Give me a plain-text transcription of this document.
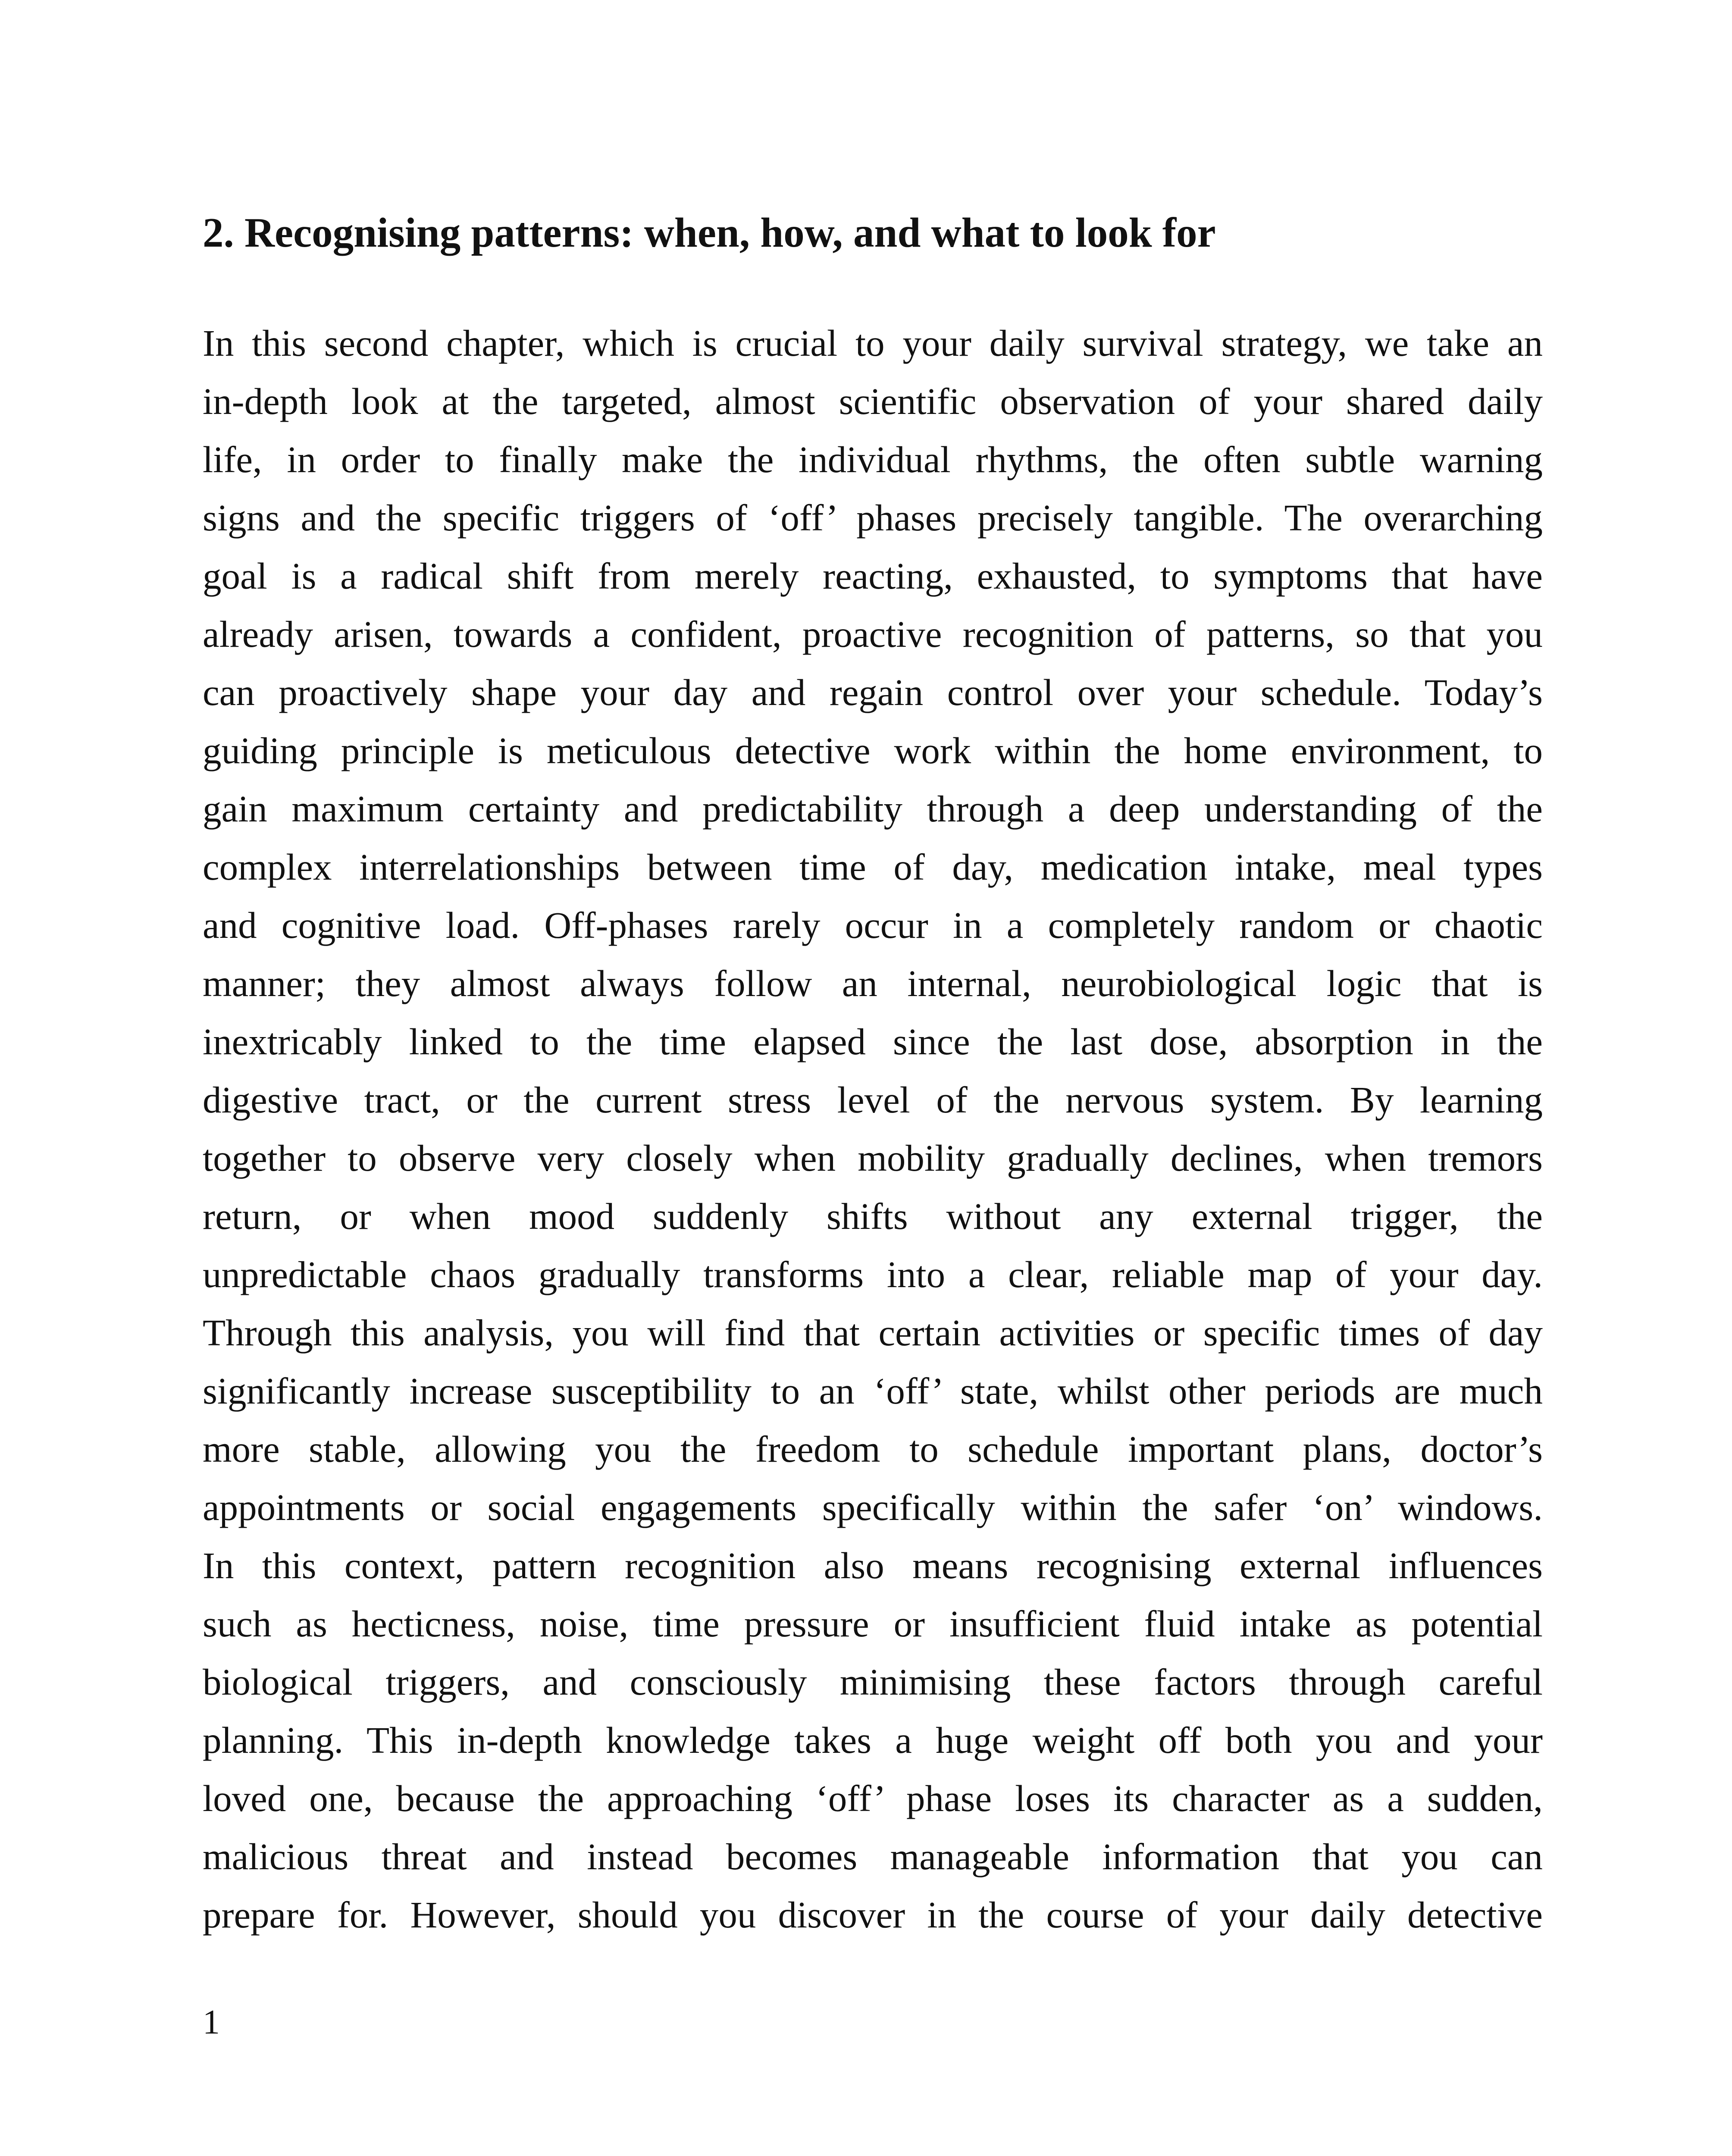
2. Recognising patterns: when, how, and what to look for
In this second chapter, which is crucial to your daily survival strategy, we take an
in-depth look at the targeted, almost scientific observation of your shared daily
life, in order to finally make the individual rhythms, the often subtle warning
signs and the specific triggers of ‘off’ phases precisely tangible. The overarching
goal is a radical shift from merely reacting, exhausted, to symptoms that have
already arisen, towards a confident, proactive recognition of patterns, so that you
can proactively shape your day and regain control over your schedule. Today’s
guiding principle is meticulous detective work within the home environment, to
gain maximum certainty and predictability through a deep understanding of the
complex interrelationships between time of day, medication intake, meal types
and cognitive load. Off-phases rarely occur in a completely random or chaotic
manner; they almost always follow an internal, neurobiological logic that is
inextricably linked to the time elapsed since the last dose, absorption in the
digestive tract, or the current stress level of the nervous system. By learning
together to observe very closely when mobility gradually declines, when tremors
return, or when mood suddenly shifts without any external trigger, the
unpredictable chaos gradually transforms into a clear, reliable map of your day.
Through this analysis, you will find that certain activities or specific times of day
significantly increase susceptibility to an ‘off’ state, whilst other periods are much
more stable, allowing you the freedom to schedule important plans, doctor’s
appointments or social engagements specifically within the safer ‘on’ windows.
In this context, pattern recognition also means recognising external influences
such as hecticness, noise, time pressure or insufficient fluid intake as potential
biological triggers, and consciously minimising these factors through careful
planning. This in-depth knowledge takes a huge weight off both you and your
loved one, because the approaching ‘off’ phase loses its character as a sudden,
malicious threat and instead becomes manageable information that you can
prepare for. However, should you discover in the course of your daily detective

1
